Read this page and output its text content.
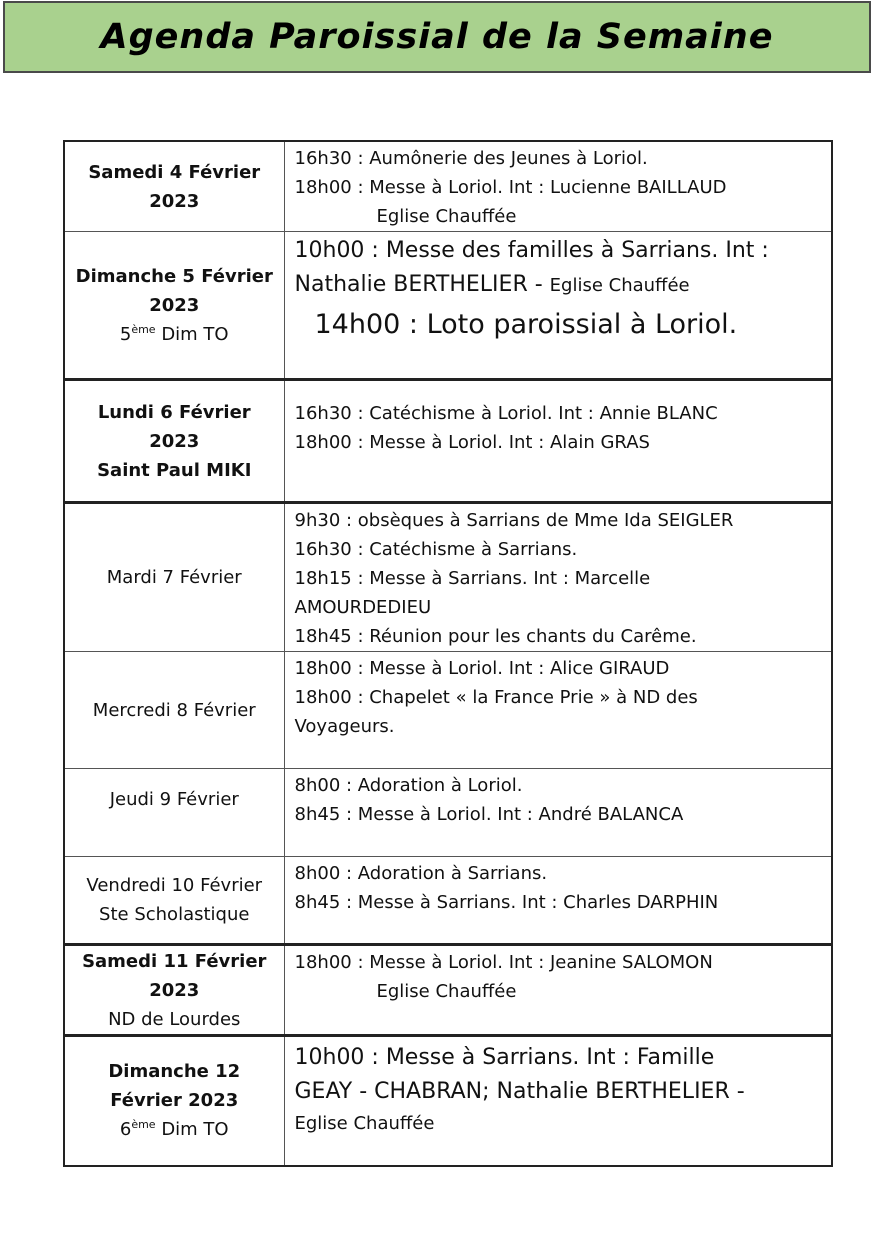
Agenda Paroissial de la Semaine
Samedi 4 Février
2023	16h30 : Aumônerie des Jeunes à Loriol.
18h00 : Messe à Loriol. Int : Lucienne BAILLAUD
Eglise Chauffée

Dimanche 5 Février
2023
5ème Dim TO	10h00 : Messe des familles à Sarrians. Int :
Nathalie BERTHELIER - Eglise Chauffée
14h00 : Loto paroissial à Loriol.

Lundi 6 Février
2023
Saint Paul MIKI	16h30 : Catéchisme à Loriol. Int : Annie BLANC
18h00 : Messe à Loriol. Int : Alain GRAS

Mardi 7 Février	9h30 : obsèques à Sarrians de Mme Ida SEIGLER
16h30 : Catéchisme à Sarrians.
18h15 : Messe à Sarrians. Int : Marcelle
AMOURDEDIEU
18h45 : Réunion pour les chants du Carême.

Mercredi 8 Février	18h00 : Messe à Loriol. Int : Alice GIRAUD
18h00 : Chapelet « la France Prie » à ND des
Voyageurs.

Jeudi 9 Février	8h00 : Adoration à Loriol.
8h45 : Messe à Loriol. Int : André BALANCA

Vendredi 10 Février
Ste Scholastique	8h00 : Adoration à Sarrians.
8h45 : Messe à Sarrians. Int : Charles DARPHIN

Samedi 11 Février
2023
ND de Lourdes	18h00 : Messe à Loriol. Int : Jeanine SALOMON
Eglise Chauffée

Dimanche 12
Février 2023
6ème Dim TO	10h00 : Messe à Sarrians. Int : Famille
GEAY - CHABRAN; Nathalie BERTHELIER -
Eglise Chauffée
